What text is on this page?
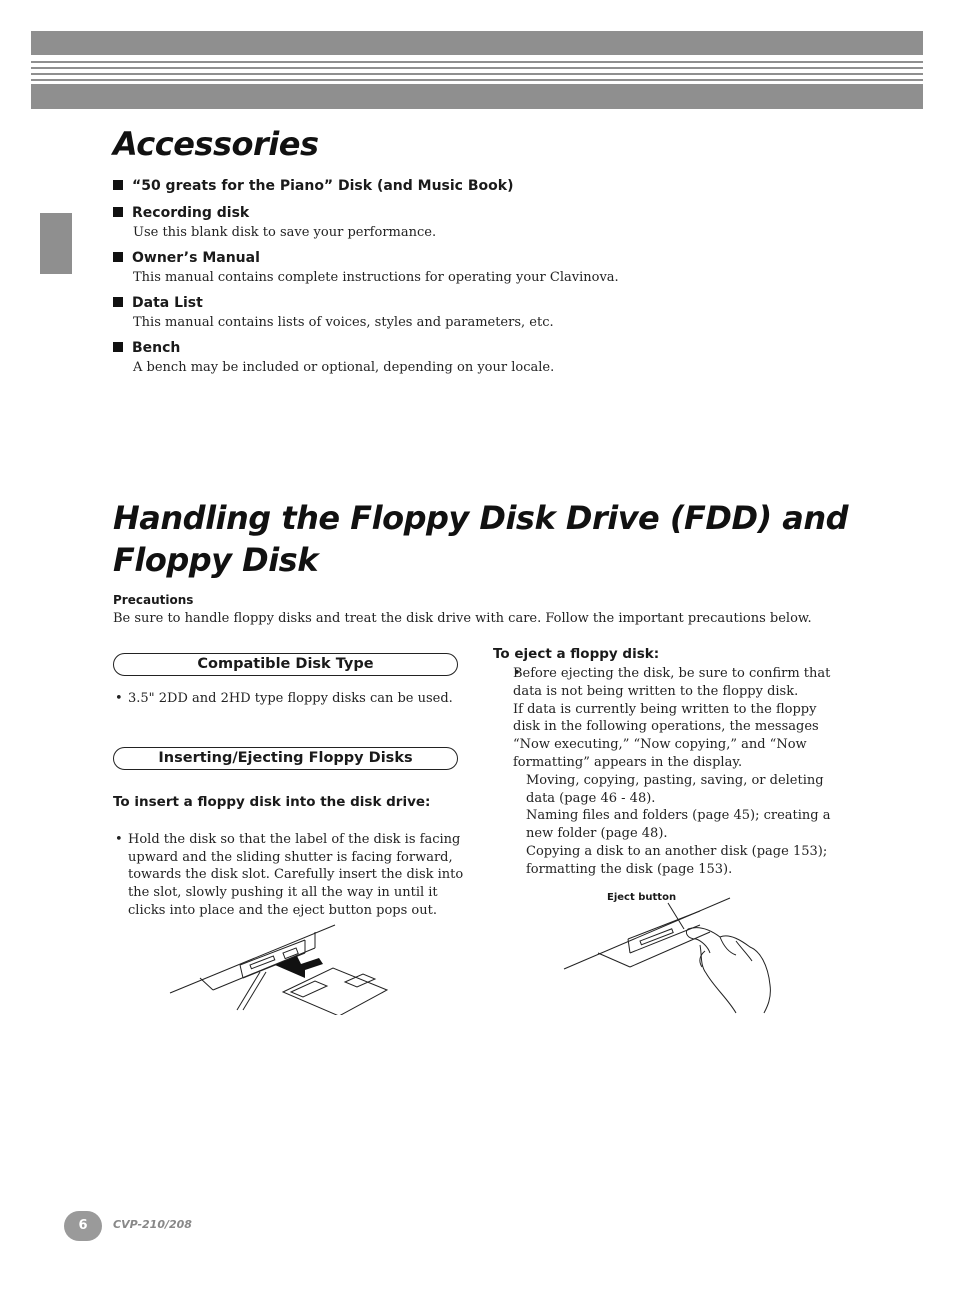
Accessories

“50 greats for the Piano” Disk (and Music Book)

Recording disk

Use this blank disk to save your performance.

Owner’s Manual

This manual contains complete instructions for operating your Clavinova.

Data List

This manual contains lists of voices, styles and parameters, etc.

Bench

A bench may be included or optional, depending on your locale.

Handling the Floppy Disk Drive (FDD) and
Floppy Disk

Precautions

Be sure to handle floppy disks and treat the disk drive with care. Follow the important precautions below.

Compatible Disk Type

• 3.5" 2DD and 2HD type floppy disks can be used.

Inserting/Ejecting Floppy Disks

To insert a floppy disk into the disk drive:

• Hold the disk so that the label of the disk is facing upward and the sliding shutter is facing forward, towards the disk slot. Carefully insert the disk into the slot, slowly pushing it all the way in until it clicks into place and the eject button pops out.

To eject a floppy disk:

Before ejecting the disk, be sure to confirm that data is not being written to the floppy disk.

If data is currently being written to the floppy disk in the following operations, the messages “Now executing,” “Now copying,” and “Now formatting” appears in the display.

• Moving, copying, pasting, saving, or deleting data (page 46 - 48).

• Naming files and folders (page 45); creating a new folder (page 48).

• Copying a disk to an another disk (page 153); formatting the disk (page 153).

Eject button

6	CVP-210/208
